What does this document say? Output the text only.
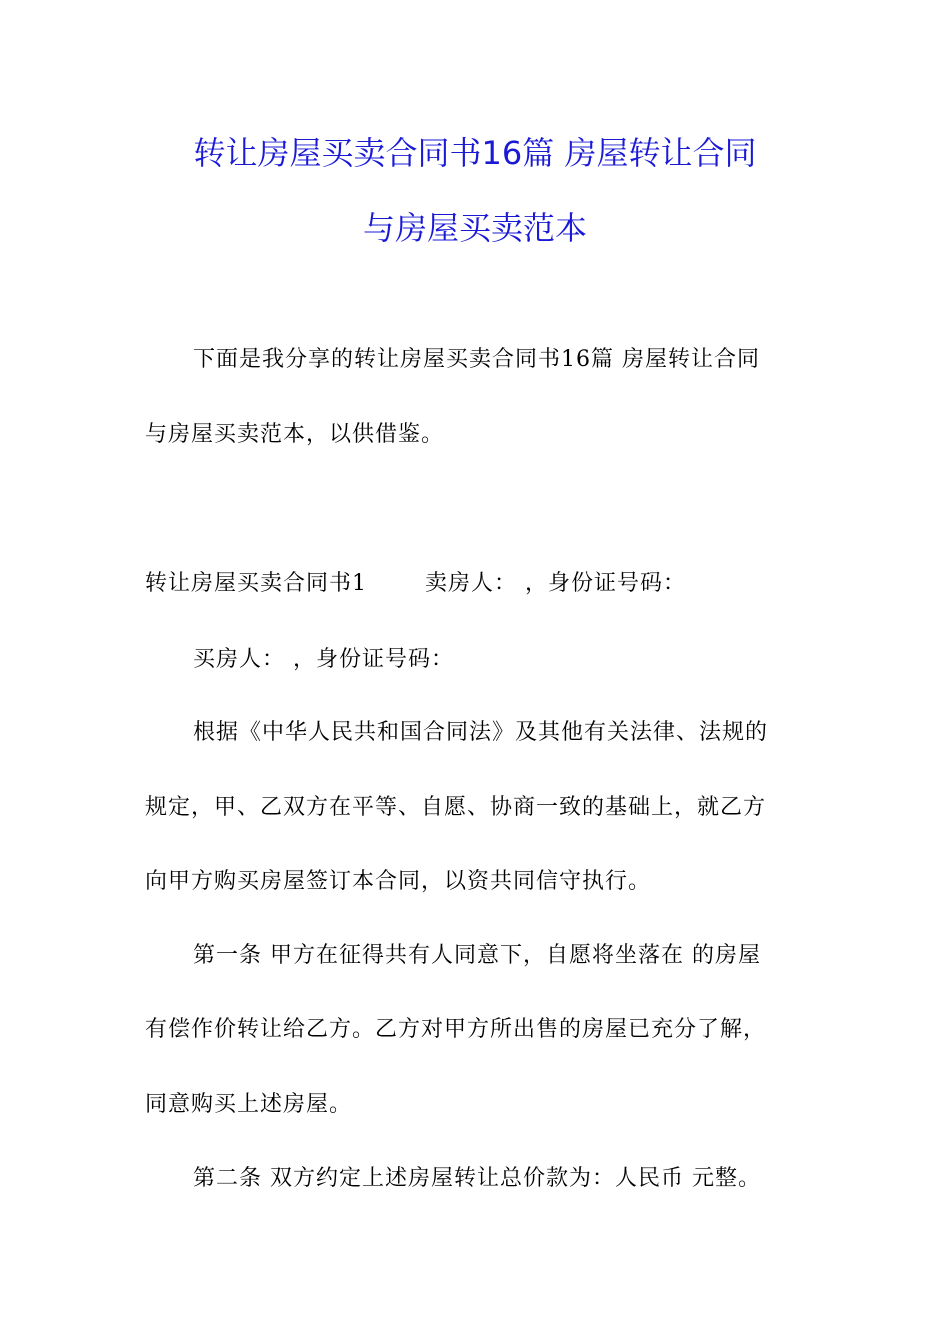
转让房屋买卖合同书16篇 房屋转让合同
与房屋买卖范本
下面是我分享的转让房屋买卖合同书16篇 房屋转让合同
与房屋买卖范本，以供借鉴。
转让房屋买卖合同书1	卖房人： ，身份证号码：
买房人： ，身份证号码：
根据《中华人民共和国合同法》及其他有关法律、法规的
规定，甲、乙双方在平等、自愿、协商一致的基础上，就乙方
向甲方购买房屋签订本合同，以资共同信守执行。
第一条 甲方在征得共有人同意下，自愿将坐落在 的房屋
有偿作价转让给乙方。乙方对甲方所出售的房屋已充分了解，
同意购买上述房屋。
第二条 双方约定上述房屋转让总价款为：人民币 元整。
